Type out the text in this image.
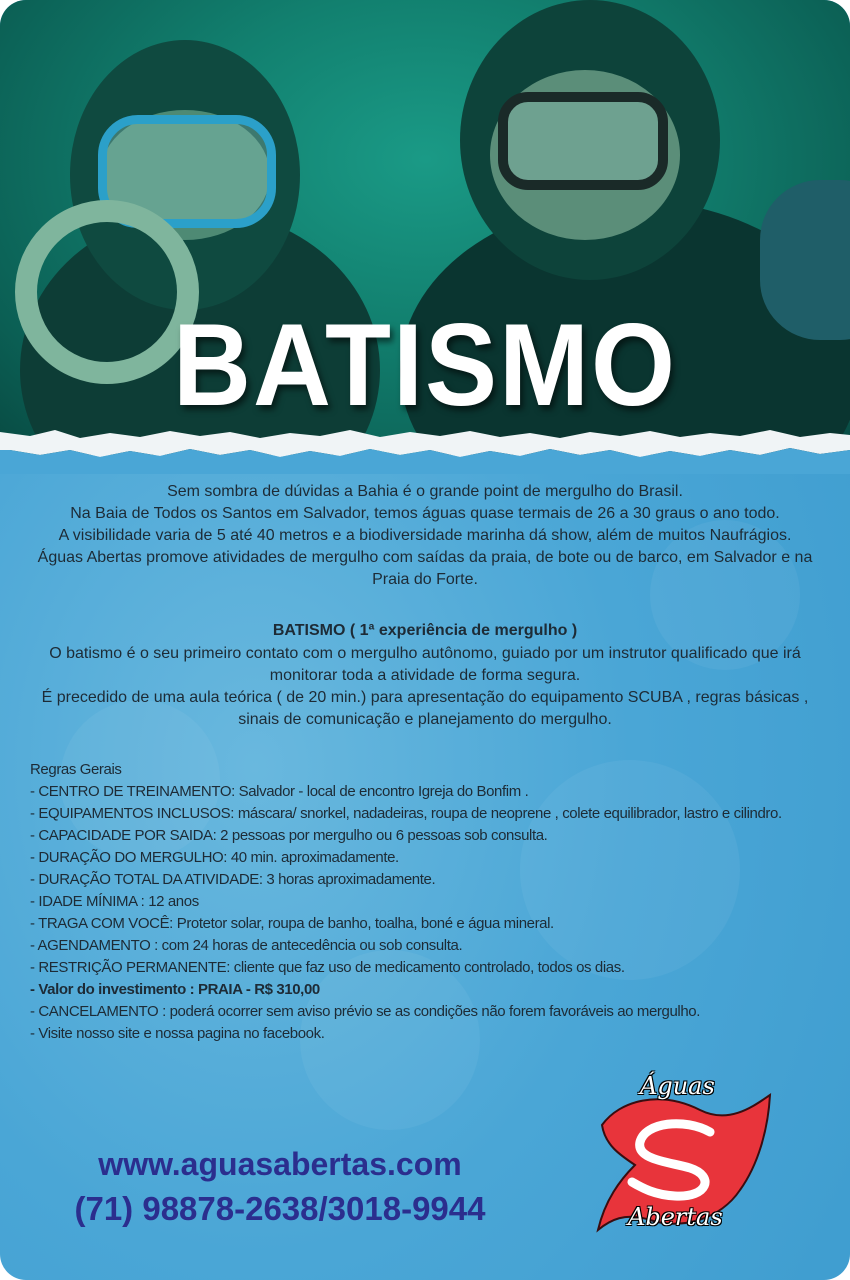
BATISMO

Sem sombra de dúvidas a Bahia é o grande point de mergulho do Brasil.

Na Baia de Todos os Santos em Salvador, temos águas quase termais de 26 a 30 graus o ano todo.

A visibilidade varia de 5 até 40 metros e a biodiversidade marinha dá show, além de muitos Naufrágios.

Águas Abertas promove atividades de mergulho com saídas da praia, de bote ou de barco, em Salvador e na Praia do Forte.

BATISMO ( 1ª experiência de mergulho )

O batismo é o seu primeiro contato com o mergulho autônomo, guiado por um instrutor qualificado que irá monitorar toda a atividade de forma segura.

É precedido de uma aula teórica ( de 20 min.) para apresentação do equipamento SCUBA , regras básicas , sinais de comunicação e planejamento do mergulho.

Regras Gerais
- CENTRO DE TREINAMENTO: Salvador - local de encontro Igreja do Bonfim .
- EQUIPAMENTOS INCLUSOS: máscara/ snorkel, nadadeiras, roupa de neoprene , colete equilibrador, lastro e cilindro.
- CAPACIDADE POR SAIDA: 2 pessoas por mergulho ou 6 pessoas sob consulta.
- DURAÇÃO DO MERGULHO: 40 min. aproximadamente.
- DURAÇÃO TOTAL DA ATIVIDADE: 3 horas aproximadamente.
- IDADE MÍNIMA : 12 anos
- TRAGA COM VOCÊ: Protetor solar, roupa de banho, toalha, boné e água mineral.
- AGENDAMENTO : com 24 horas de antecedência ou sob consulta.
- RESTRIÇÃO PERMANENTE: cliente que faz uso de medicamento controlado, todos os dias.
- Valor do investimento : PRAIA - R$ 310,00
- CANCELAMENTO : poderá ocorrer sem aviso prévio se as condições não forem favoráveis ao mergulho.
- Visite nosso site e nossa pagina no facebook.
www.aguasabertas.com
(71) 98878-2638/3018-9944
Águas
Abertas
